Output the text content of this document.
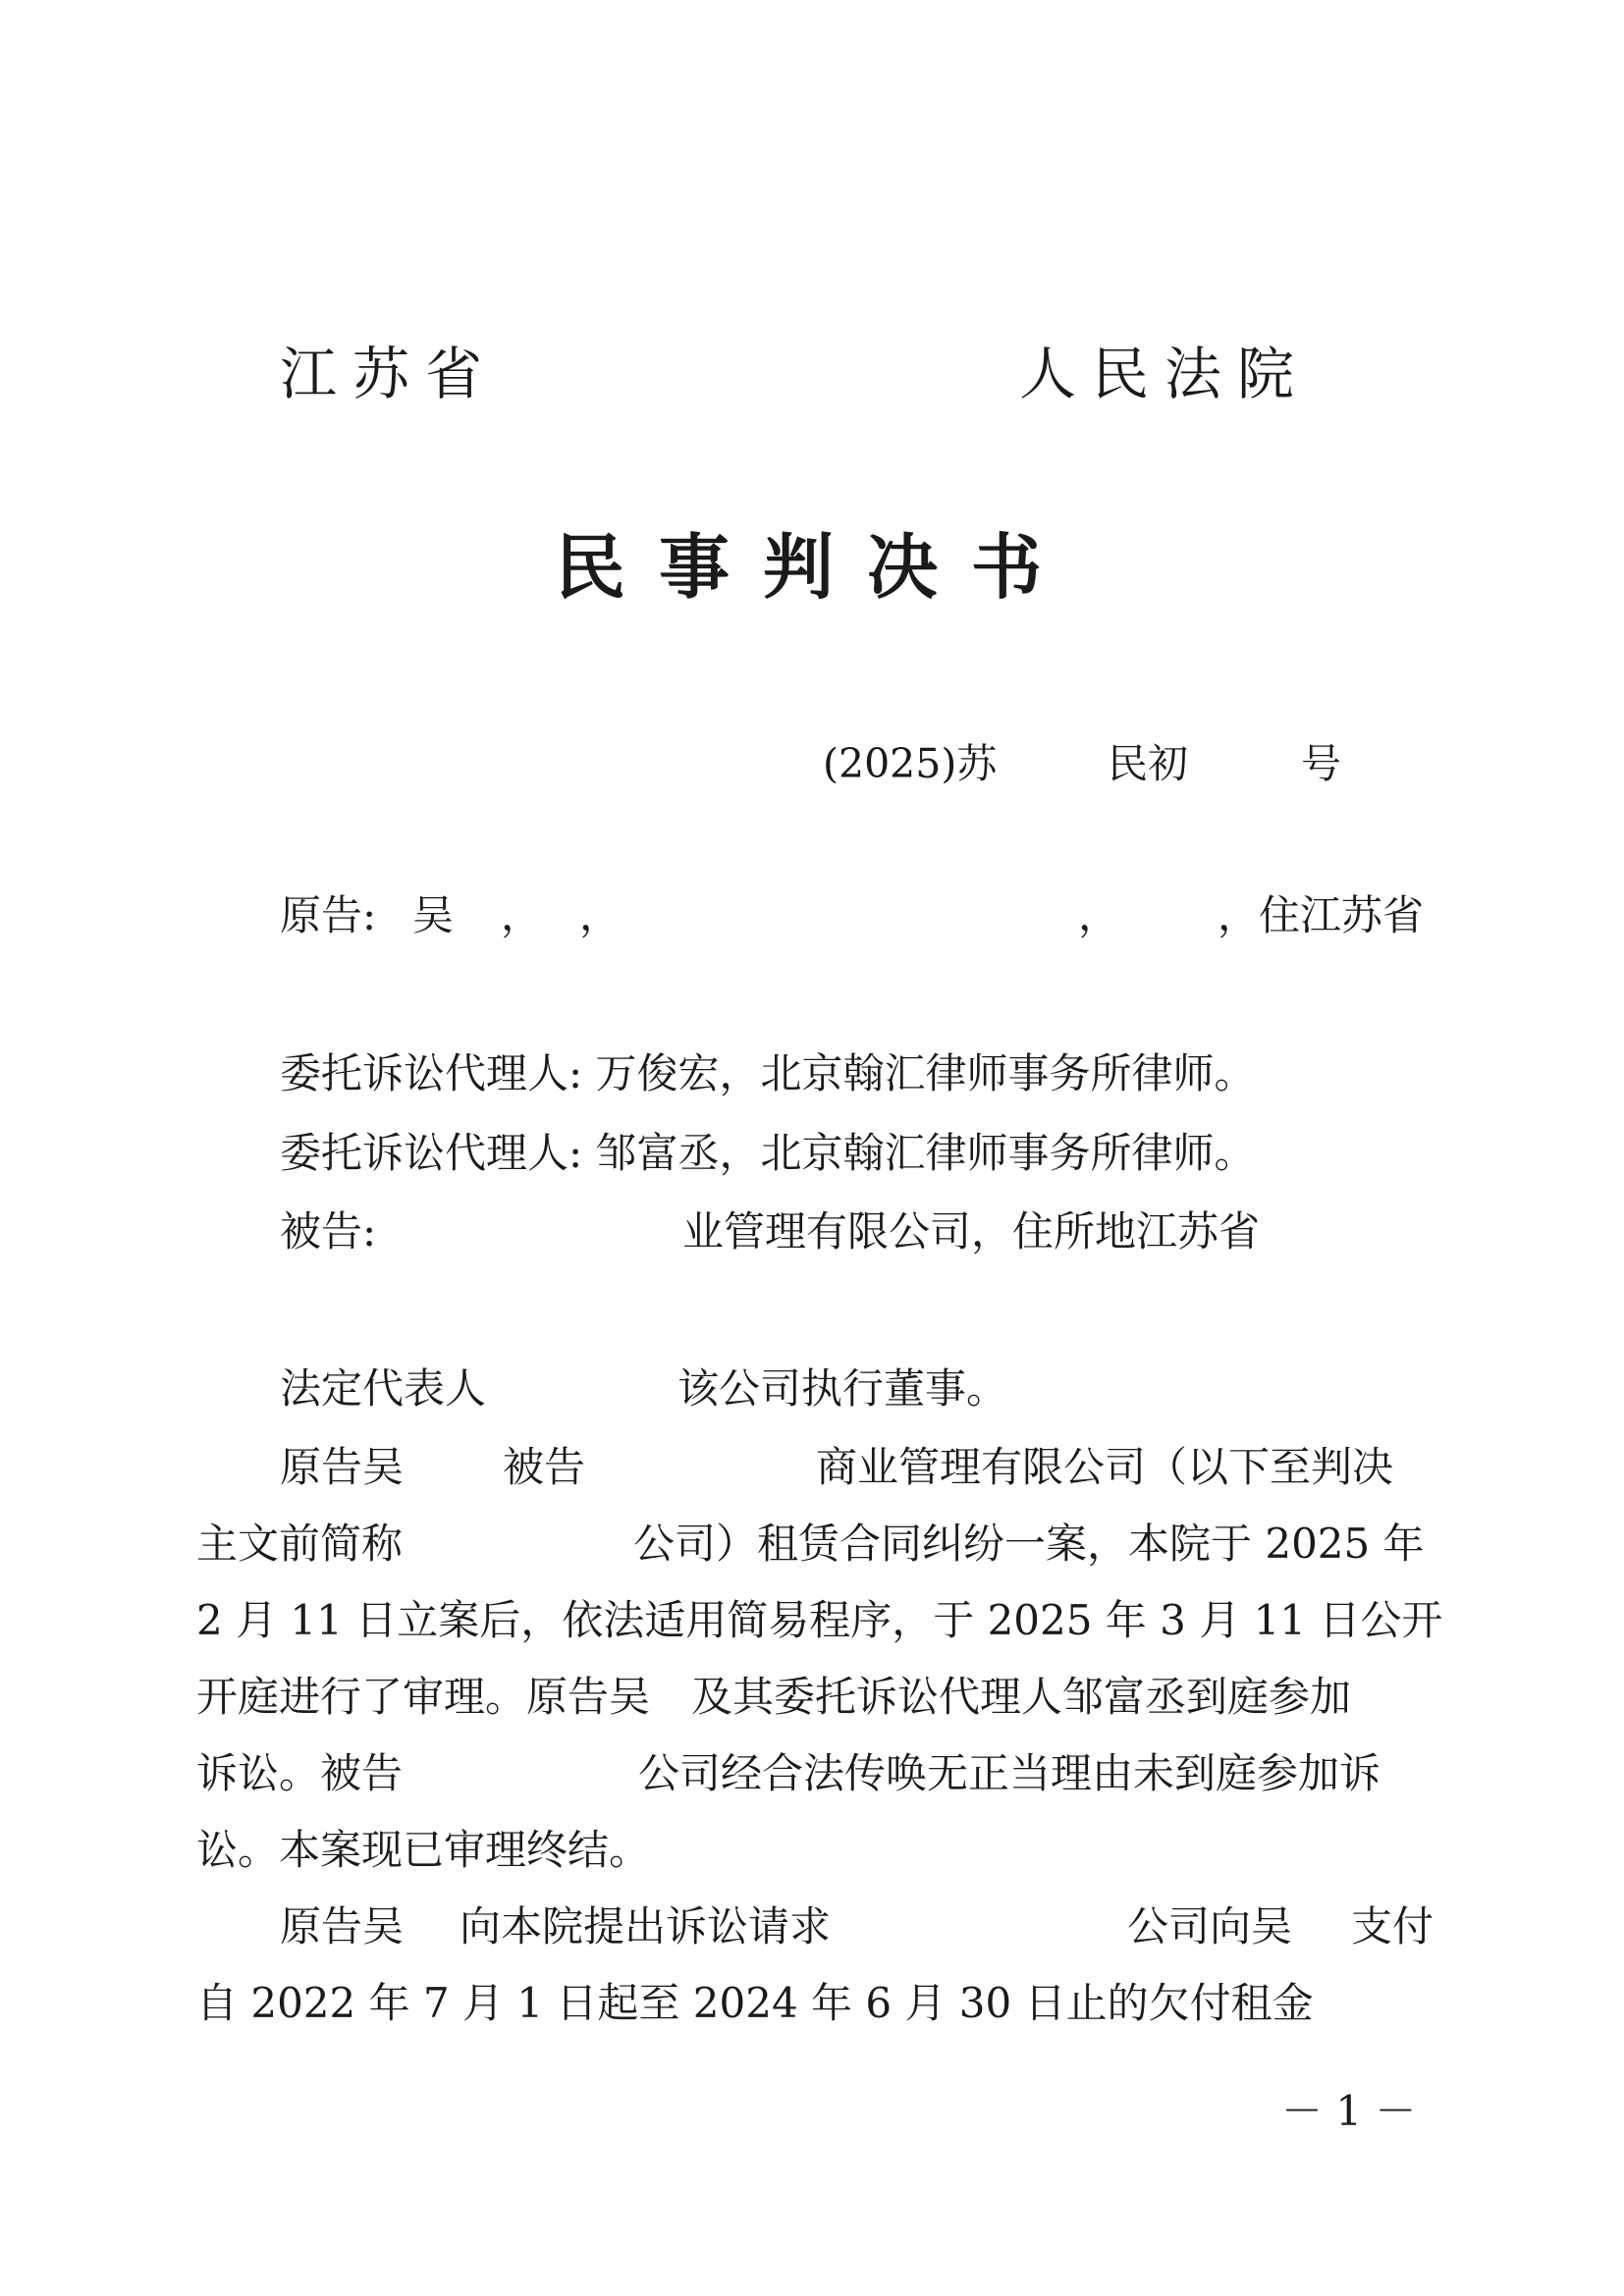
江苏省	人民法院
民事判决书
(2025)苏	民初	号
原告: 吴 ， ，	， ，住江苏省
委托诉讼代理人: 万俊宏，北京翰汇律师事务所律师。
委托诉讼代理人: 邹富丞，北京翰汇律师事务所律师。
被告:	业管理有限公司，住所地江苏省
法定代表人	该公司执行董事。
原告吴 被告	商业管理有限公司（以下至判决
主文前简称	公司）租赁合同纠纷一案，本院于 2025 年
2 月 11 日立案后，依法适用简易程序，于 2025 年 3 月 11 日公开
开庭进行了审理。原告吴　及其委托诉讼代理人邹富丞到庭参加
诉讼。被告	公司经合法传唤无正当理由未到庭参加诉
讼。本案现已审理终结。
原告吴 向本院提出诉讼请求	公司向吴 支付
自 2022 年 7 月 1 日起至 2024 年 6 月 30 日止的欠付租金
－ 1 －
